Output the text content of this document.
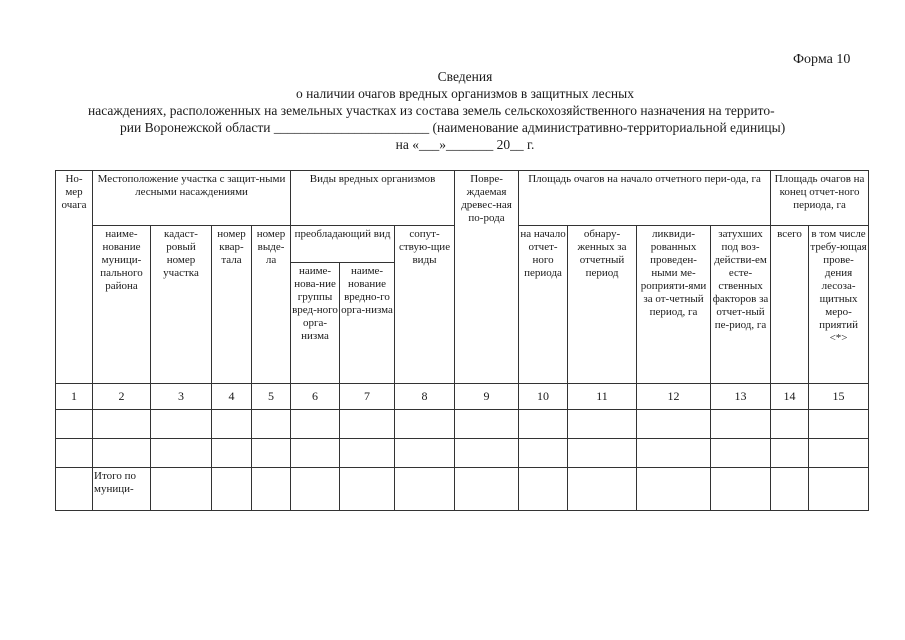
Форма 10
Сведения
о наличии очагов вредных организмов в защитных лесных
насаждениях, расположенных на земельных участках из состава земель сельскохозяйственного назначения на террито-
рии Воронежской области _______________________ (наименование административно-территориальной единицы)
на «___»_______ 20__ г.
Но-мер очага	Местоположение участка с защит-ными лесными насаждениями				Виды вредных организмов			Повре-ждаемая древес-ная по-рода	Площадь очагов на начало отчетного пери-ода, га				Площадь очагов на конец отчет-ного периода, га	
	наиме-нование муници-пального района	кадаст-ровый номер участка	номер квар-тала	номер выде-ла	преобладающий вид		сопут-ствую-щие виды		на начало отчет-ного периода	обнару-женных за отчетный период	ликвиди-рованных проведен-ными ме-роприяти-ями за от-четный период, га	затухших под воз-действи-ем есте-ственных факторов за отчет-ный пе-риод, га	всего	в том числе требу-ющая прове-дения лесоза-щитных меро-приятий <*>
					наиме-нова-ние группы вред-ного орга-низма	наиме-нование вредно-го орга-низма								
1	2	3	4	5	6	7	8	9	10	11	12	13	14	15

	Итого по муници-													
